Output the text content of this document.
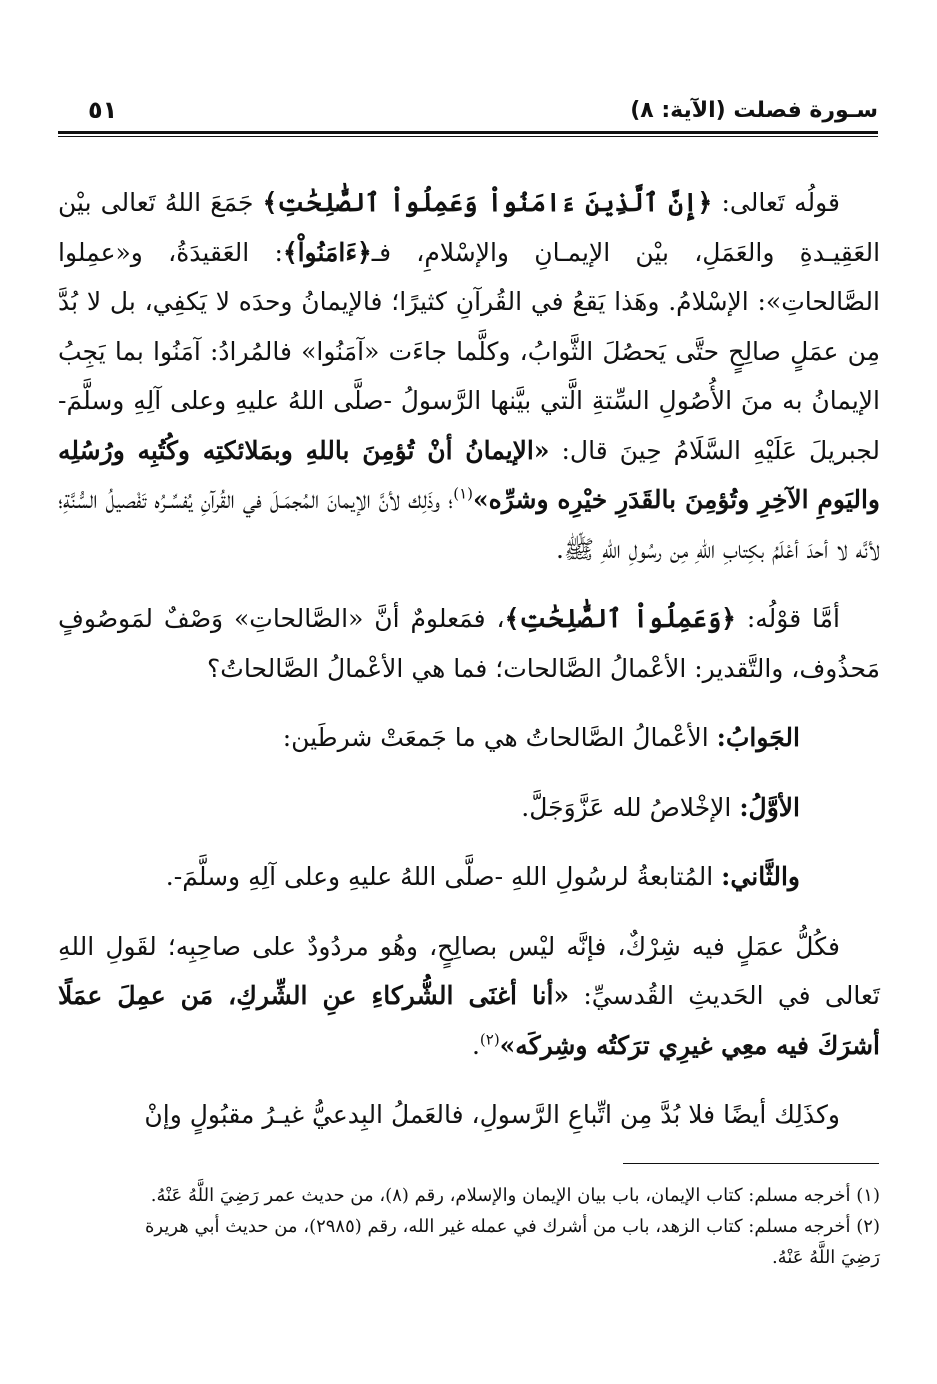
سـورة فصلت (الآية: ٨)
٥١

قولُه تَعالى: ﴿إِنَّ ٱلَّذِينَ ءَامَنُواْ وَعَمِلُواْ ٱلصَّٰلِحَٰتِ﴾ جَمَعَ اللهُ تَعالى بيْن العَقِيـدةِ والعَمَلِ، بيْن الإيمـانِ والإسْلامِ، فـ﴿ءَامَنُواْ﴾: العَقيدَةُ، و«عمِلوا الصَّالحاتِ»: الإسْلامُ. وهَذا يَقعُ في القُرآنِ كثيرًا؛ فالإيمانُ وحدَه لا يَكفِي، بل لا بُدَّ مِن عمَلٍ صالِحٍ حتَّى يَحصُلَ الثَّوابُ، وكلَّما جاءَت «آمَنُوا» فالمُرادُ: آمَنُوا بما يَجِبُ الإيمانُ به منَ الأُصُولِ السِّتةِ الَّتي بيَّنها الرَّسولُ -صلَّى اللهُ عليهِ وعلى آلِهِ وسلَّمَ- لجبريلَ عَلَيْهِ السَّلَامُ حِينَ قال: «الإيمانُ أنْ تُؤمِنَ باللهِ وبمَلائكتِه وكُتُبِه ورُسُلِه واليَومِ الآخِرِ وتُؤمِنَ بالقَدَرِ خيْرِه وشرِّه»$^{(١)}$؛ وذَلِك لأنَّ الإيمانَ المُجمَـلَ في القُرآنِ يُفسِّـرُه تَفْصيلُ السُّنَّةِ؛ لأنَّه لا أحدَ أعْلَمُ بكِتابِ اللهِ مِن رسُولِ اللهِ ﷺ.

أمَّا قوْلُه: ﴿وَعَمِلُواْ ٱلصَّٰلِحَٰتِ﴾، فمَعلومٌ أنَّ «الصَّالحاتِ» وَصْفٌ لمَوصُوفٍ مَحذُوف، والتَّقدير: الأعْمالُ الصَّالحات؛ فما هي الأعْمالُ الصَّالحاتُ؟

الجَوابُ: الأعْمالُ الصَّالحاتُ هي ما جَمعَتْ شرطَين:

الأوَّلُ: الإخْلاصُ لله عَزَّوَجَلَّ.

والثَّاني: المُتابعةُ لرسُولِ اللهِ -صلَّى اللهُ عليهِ وعلى آلِهِ وسلَّمَ-.

فكُلُّ عمَلٍ فيه شِرْكٌ، فإنَّه ليْس بصالِحٍ، وهُو مردُودٌ على صاحِبِه؛ لقَولِ اللهِ تَعالى في الحَديثِ القُدسيِّ: «أنا أغنَى الشُّركاءِ عنِ الشِّركِ، مَن عمِلَ عمَلًا أشرَكَ فيه معِي غيرِي ترَكتُه وشِركَه»$^{(٢)}$.

وكذَلِك أيضًا فلا بُدَّ مِن اتِّباعِ الرَّسولِ، فالعَملُ البِدعيُّ غيـرُ مقبُولٍ وإنْ

(١) أخرجه مسلم: كتاب الإيمان، باب بيان الإيمان والإسلام، رقم (٨)، من حديث عمر رَضِيَ اللَّهُ عَنْهُ.

(٢) أخرجه مسلم: كتاب الزهد، باب من أشرك في عمله غير الله، رقم (٢٩٨٥)، من حديث أبي هريرة

رَضِيَ اللَّهُ عَنْهُ.
